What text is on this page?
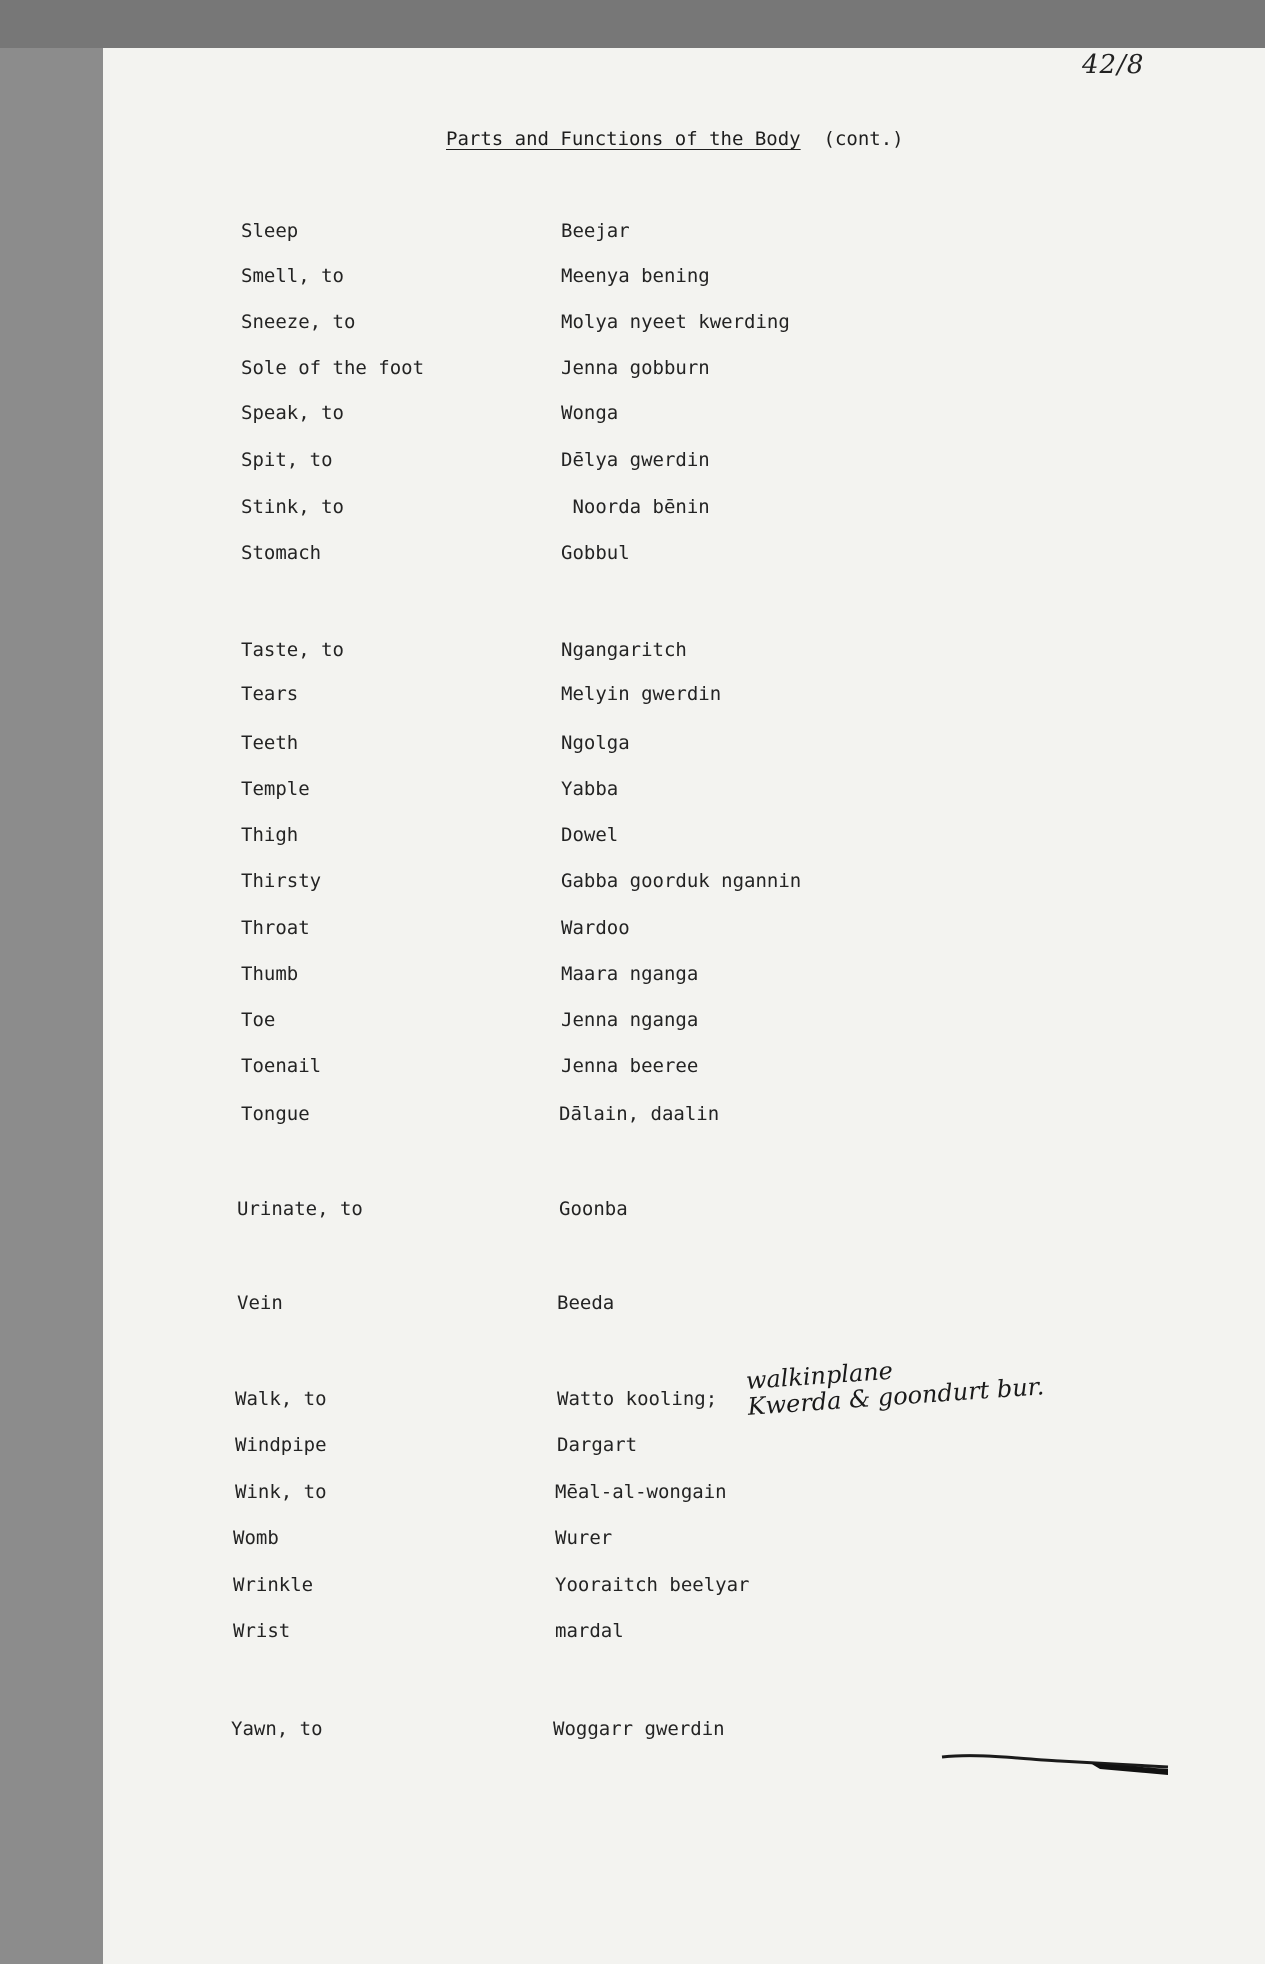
42/8
Parts and Functions of the Body (cont.)
Sleep	Beejar
Smell, to	Meenya bening
Sneeze, to	Molya nyeet kwerding
Sole of the foot	Jenna gobburn
Speak, to	Wonga
Spit, to	Dēlya gwerdin
Stink, to	Noorda bēnin
Stomach	Gobbul
Taste, to	Ngangaritch
Tears	Melyin gwerdin
Teeth	Ngolga
Temple	Yabba
Thigh	Dowel
Thirsty	Gabba goorduk ngannin
Throat	Wardoo
Thumb	Maara nganga
Toe	Jenna nganga
Toenail	Jenna beeree
Tongue	Dālain, daalin
Urinate, to	Goonba
Vein	Beeda
Walk, to	Watto kooling;
Windpipe	Dargart
Wink, to	Mēal-al-wongain
Womb	Wurer
Wrinkle	Yooraitch beelyar
Wrist	mardal
Yawn, to	Woggarr gwerdin
walkinplane
Kwerda & goondurt bur.
